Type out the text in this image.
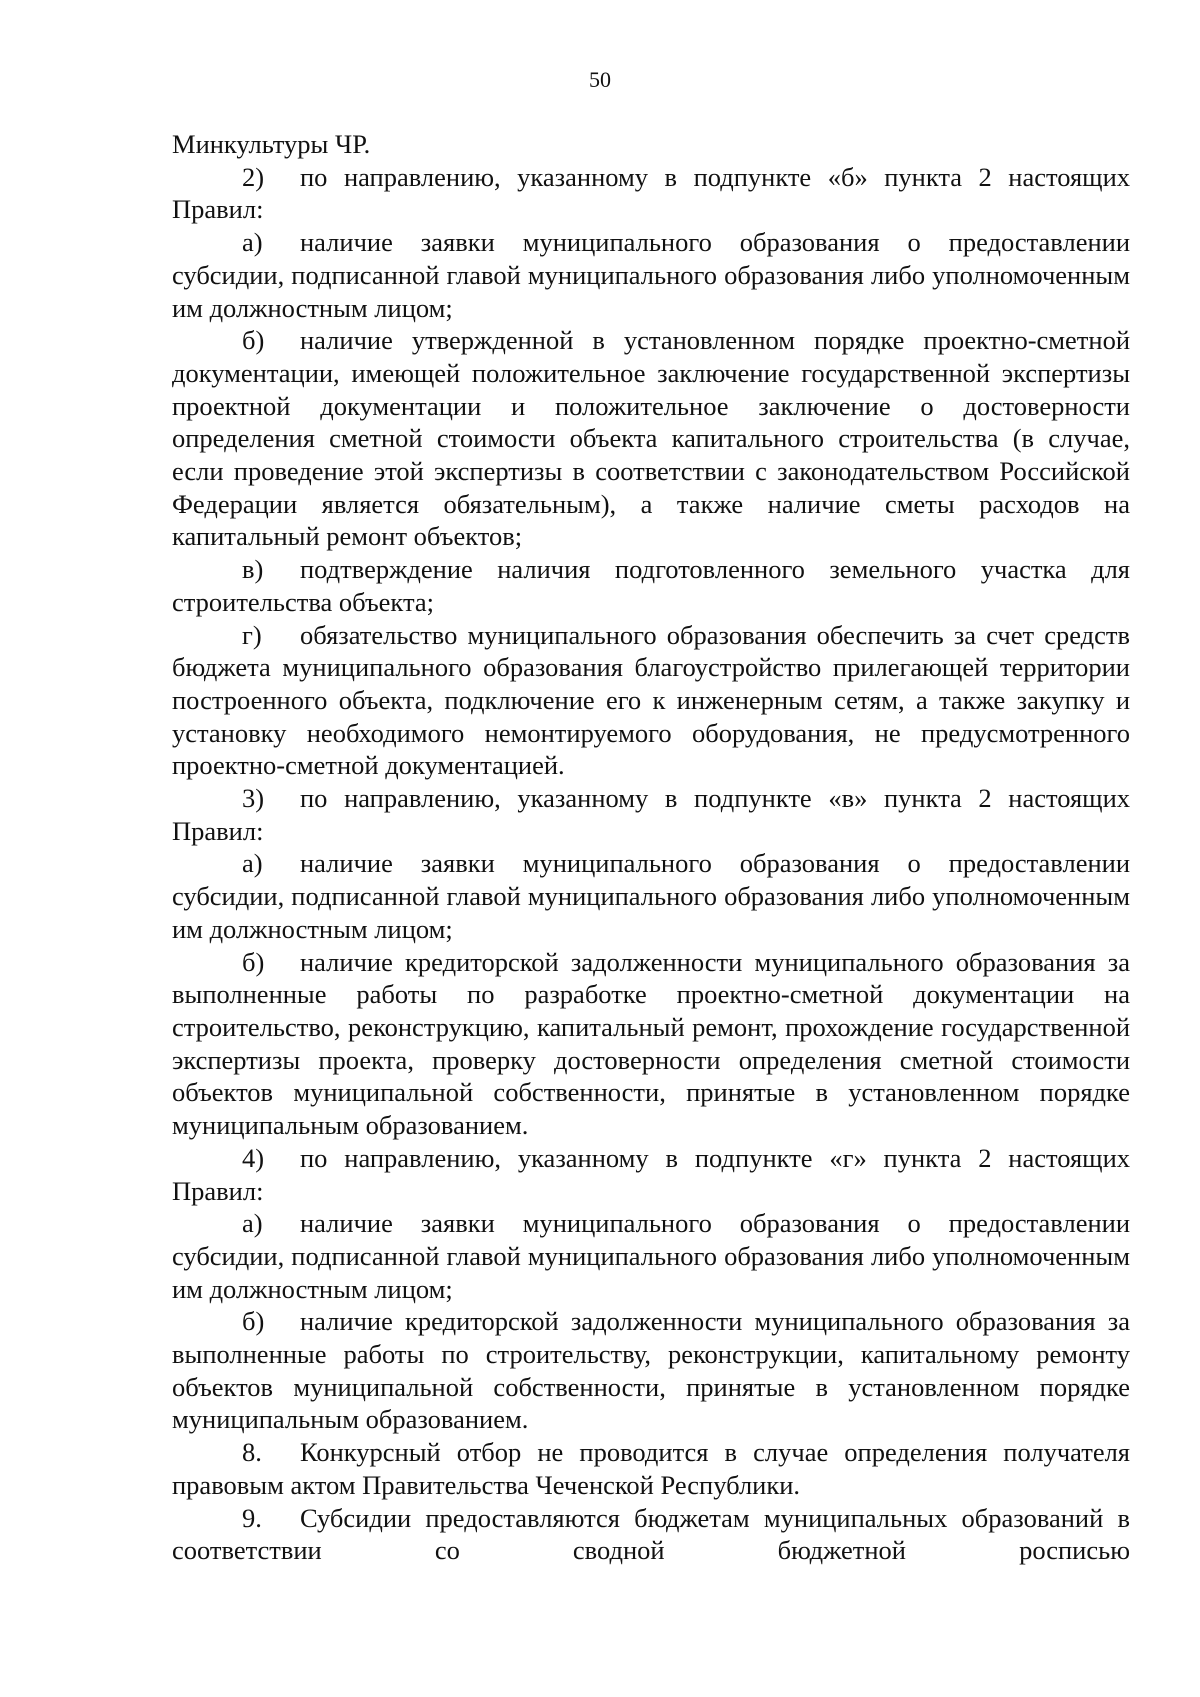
50

Минкультуры ЧР.

2) по направлению, указанному в подпункте «б» пункта 2 настоящих Правил:

а) наличие заявки муниципального образования о предоставлении субсидии, подписанной главой муниципального образования либо уполномоченным им должностным лицом;

б) наличие утвержденной в установленном порядке проектно-сметной документации, имеющей положительное заключение государственной экспертизы проектной документации и положительное заключение о достоверности определения сметной стоимости объекта капитального строительства (в случае, если проведение этой экспертизы в соответствии с законодательством Российской Федерации является обязательным), а также наличие сметы расходов на капитальный ремонт объектов;

в) подтверждение наличия подготовленного земельного участка для строительства объекта;

г) обязательство муниципального образования обеспечить за счет средств бюджета муниципального образования благоустройство прилегающей территории построенного объекта, подключение его к инженерным сетям, а также закупку и установку необходимого немонтируемого оборудования, не предусмотренного проектно-сметной документацией.

3) по направлению, указанному в подпункте «в» пункта 2 настоящих Правил:

а) наличие заявки муниципального образования о предоставлении субсидии, подписанной главой муниципального образования либо уполномоченным им должностным лицом;

б) наличие кредиторской задолженности муниципального образования за выполненные работы по разработке проектно-сметной документации на строительство, реконструкцию, капитальный ремонт, прохождение государственной экспертизы проекта, проверку достоверности определения сметной стоимости объектов муниципальной собственности, принятые в установленном порядке муниципальным образованием.

4) по направлению, указанному в подпункте «г» пункта 2 настоящих Правил:

а) наличие заявки муниципального образования о предоставлении субсидии, подписанной главой муниципального образования либо уполномоченным им должностным лицом;

б) наличие кредиторской задолженности муниципального образования за выполненные работы по строительству, реконструкции, капитальному ремонту объектов муниципальной собственности, принятые в установленном порядке муниципальным образованием.

8. Конкурсный отбор не проводится в случае определения получателя правовым актом Правительства Чеченской Республики.

9. Субсидии предоставляются бюджетам муниципальных образований в соответствии со сводной бюджетной росписью
